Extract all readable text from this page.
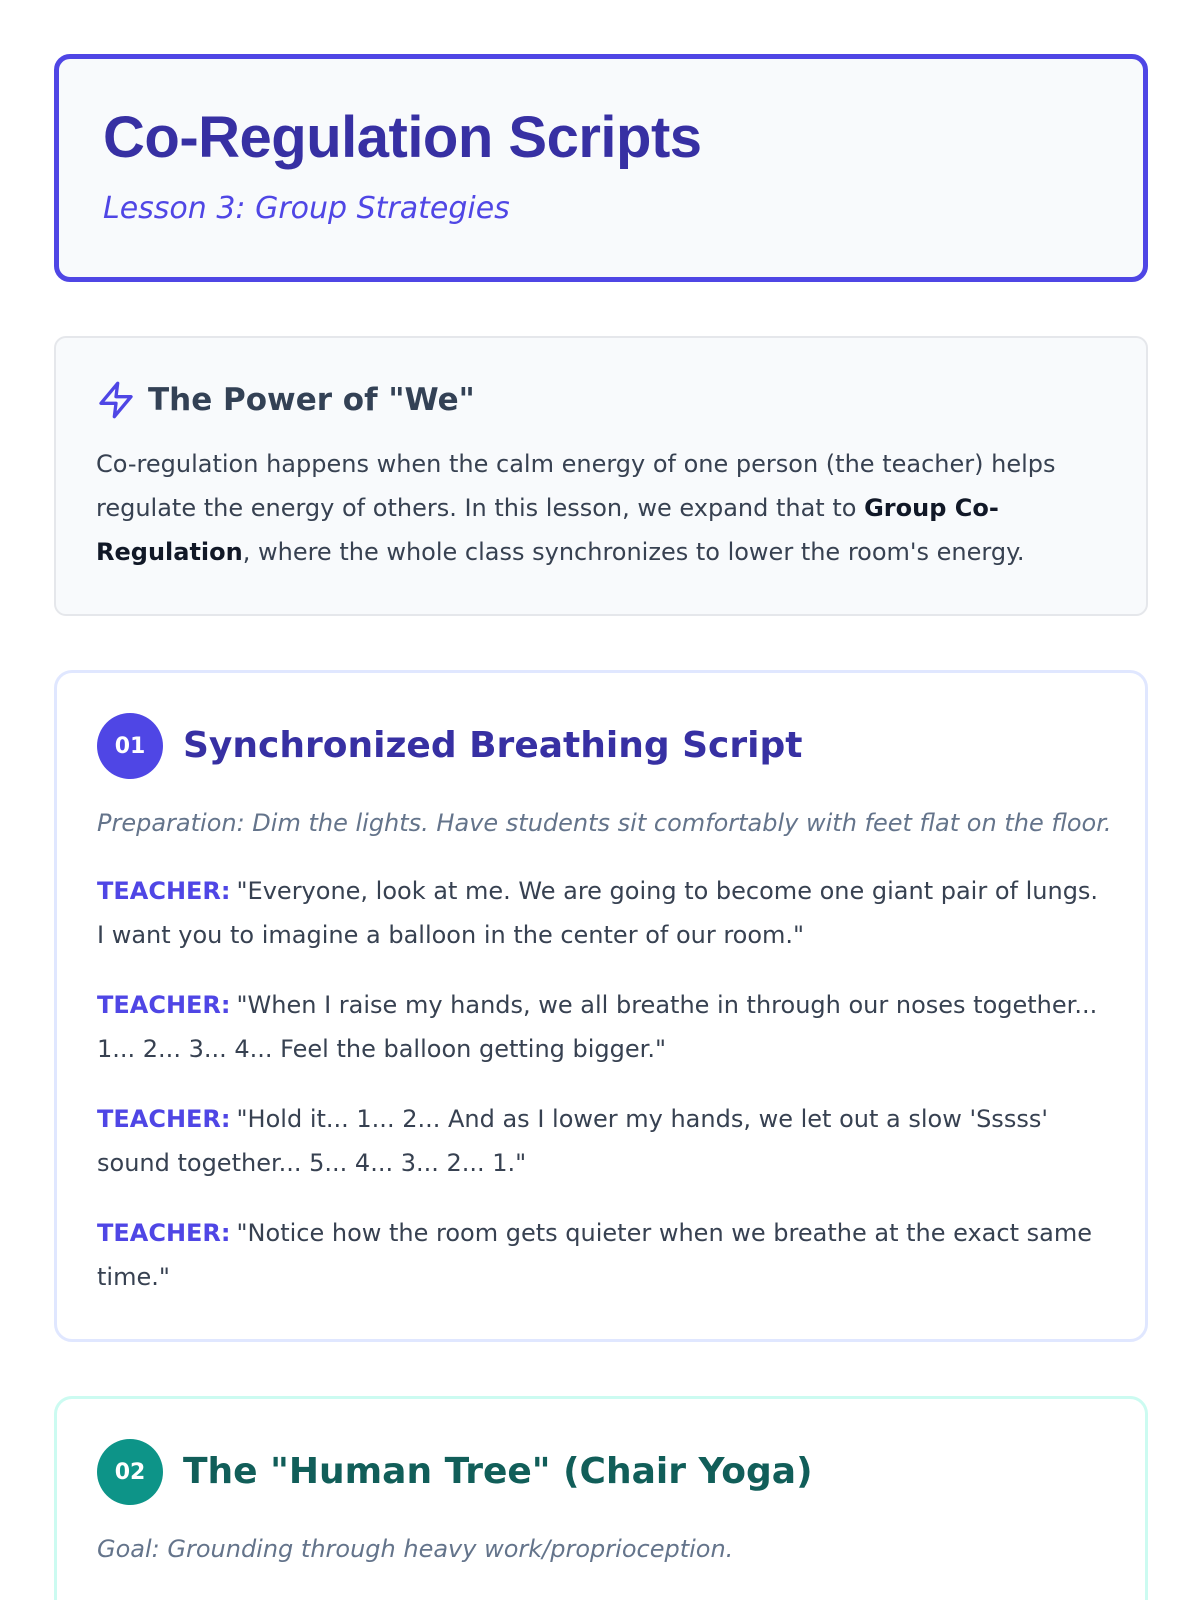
Co-Regulation Scripts
Lesson 3: Group Strategies
The Power of "We"

Co-regulation happens when the calm energy of one person (the teacher) helps regulate the energy of others. In this lesson, we expand that to Group Co-Regulation, where the whole class synchronizes to lower the room's energy.

01	Synchronized Breathing Script

Preparation: Dim the lights. Have students sit comfortably with feet flat on the floor.

TEACHER: "Everyone, look at me. We are going to become one giant pair of lungs. I want you to imagine a balloon in the center of our room."

TEACHER: "When I raise my hands, we all breathe in through our noses together... 1... 2... 3... 4... Feel the balloon getting bigger."

TEACHER: "Hold it... 1... 2... And as I lower my hands, we let out a slow 'Sssss' sound together... 5... 4... 3... 2... 1."

TEACHER: "Notice how the room gets quieter when we breathe at the exact same time."

02	The "Human Tree" (Chair Yoga)

Goal: Grounding through heavy work/proprioception.
